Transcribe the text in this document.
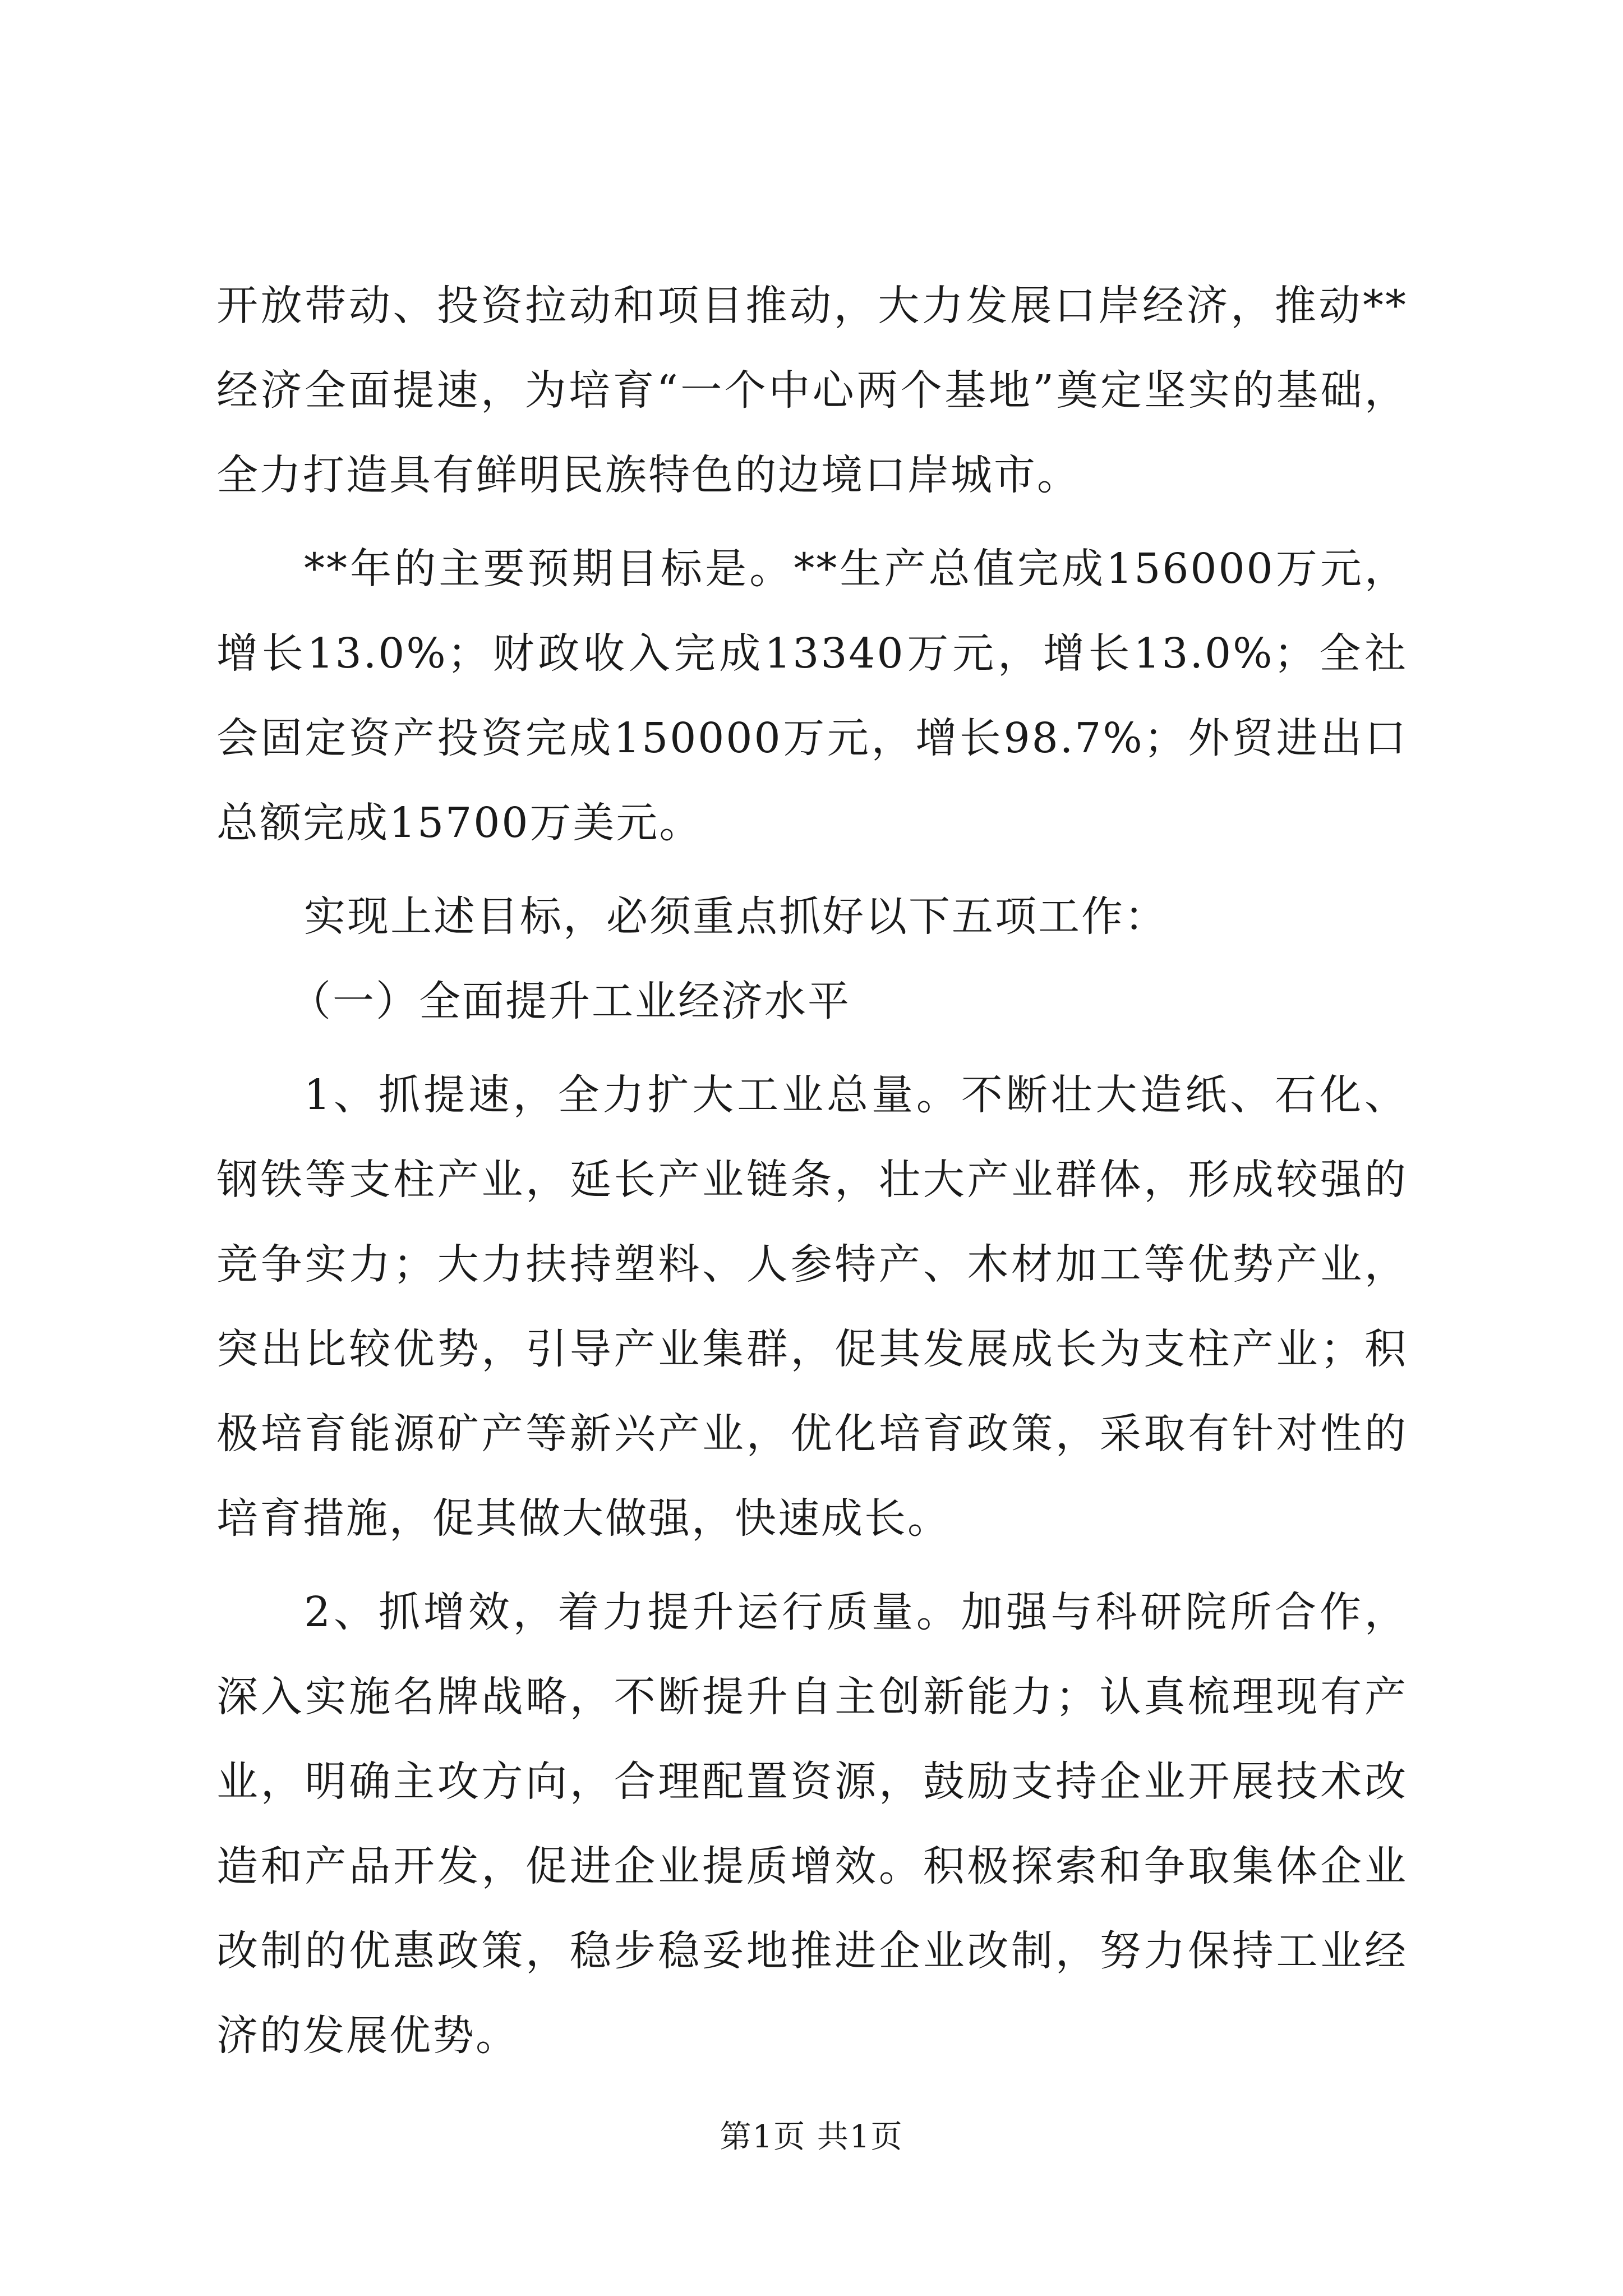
开放带动、投资拉动和项目推动，大力发展口岸经济，推动**经济全面提速，为培育“一个中心两个基地”奠定坚实的基础，全力打造具有鲜明民族特色的边境口岸城市。

**年的主要预期目标是。**生产总值完成156000万元，增长13.0%；财政收入完成13340万元，增长13.0%；全社会固定资产投资完成150000万元，增长98.7%；外贸进出口总额完成15700万美元。

实现上述目标，必须重点抓好以下五项工作：

（一）全面提升工业经济水平

1、抓提速，全力扩大工业总量。不断壮大造纸、石化、钢铁等支柱产业，延长产业链条，壮大产业群体，形成较强的竞争实力；大力扶持塑料、人参特产、木材加工等优势产业，突出比较优势，引导产业集群，促其发展成长为支柱产业；积极培育能源矿产等新兴产业，优化培育政策，采取有针对性的培育措施，促其做大做强，快速成长。

2、抓增效，着力提升运行质量。加强与科研院所合作，深入实施名牌战略，不断提升自主创新能力；认真梳理现有产业，明确主攻方向，合理配置资源，鼓励支持企业开展技术改造和产品开发，促进企业提质增效。积极探索和争取集体企业改制的优惠政策，稳步稳妥地推进企业改制，努力保持工业经济的发展优势。

第1页 共1页
